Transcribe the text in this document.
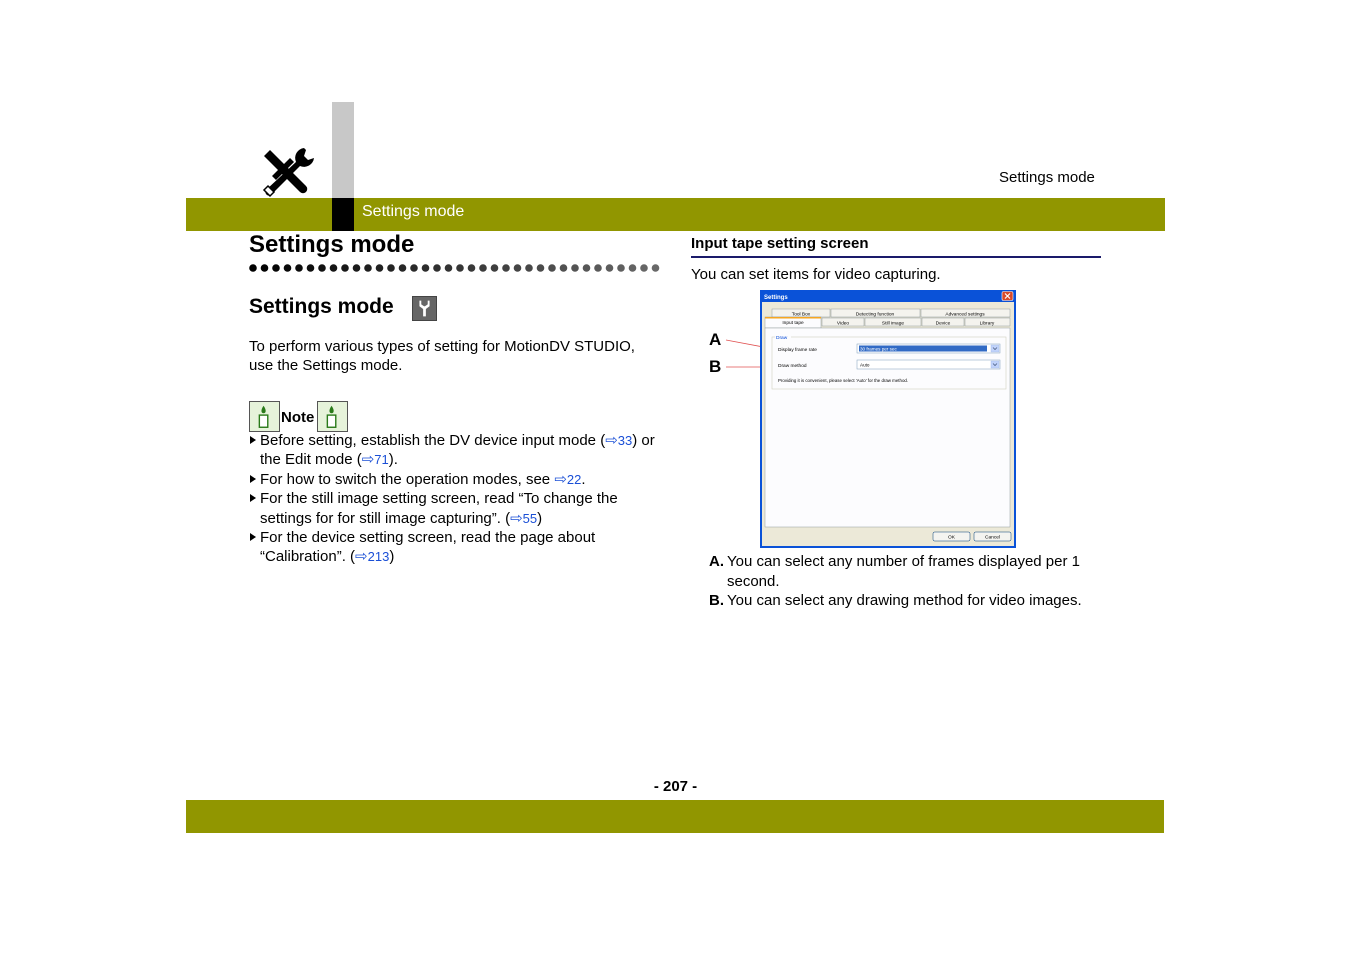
Settings mode
Settings mode
Settings mode
Settings mode
To perform various types of setting for MotionDV STUDIO, use the Settings mode.
Note
Before setting, establish the DV device input mode (⇨33) or the Edit mode (⇨71).
For how to switch the operation modes, see ⇨22.
For the still image setting screen, read “To change the settings for for still image capturing”. (⇨55)
For the device setting screen, read the page about “Calibration”. (⇨213)
Input tape setting screen
You can set items for video capturing.
A
B
Settings
Tool Box	Detecting function	Advanced settings
Input tape	Video	Still image	Device	Library
Draw
Display frame rate	30 frames per sec
Draw method	Auto
Providing it is convenient, please select 'Auto' for the draw method.
OK	Cancel
A. You can select any number of frames displayed per 1 second.
B. You can select any drawing method for video images.
- 207 -
